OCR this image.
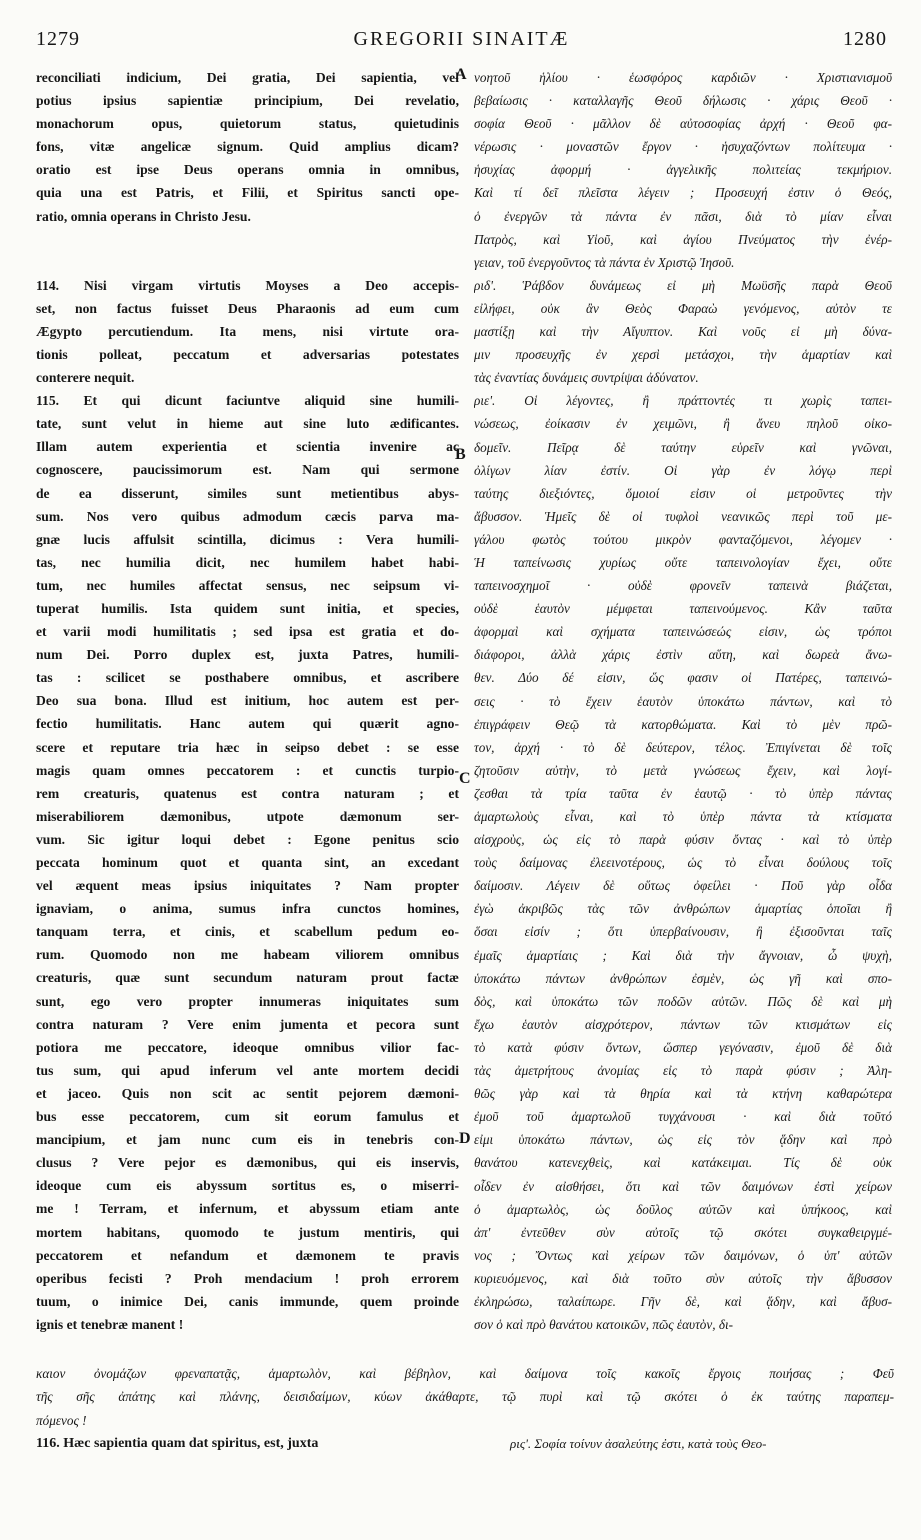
1279	GREGORII SINAITÆ	1280
A
B
C
D
reconciliati indicium, Dei gratia, Dei sapientia, vel
potius ipsius sapientiæ principium, Dei revelatio,
monachorum opus, quietorum status, quietudinis
fons, vitæ angelicæ signum. Quid amplius dicam?
oratio est ipse Deus operans omnia in omnibus,
quia una est Patris, et Filii, et Spiritus sancti ope-
ratio, omnia operans in Christo Jesu.
114. Nisi virgam virtutis Moyses a Deo accepis-
set, non factus fuisset Deus Pharaonis ad eum cum
Ægypto percutiendum. Ita mens, nisi virtute ora-
tionis polleat, peccatum et adversarias potestates
conterere nequit.
115. Et qui dicunt faciuntve aliquid sine humili-
tate, sunt velut in hieme aut sine luto ædificantes.
Illam autem experientia et scientia invenire ac
cognoscere, paucissimorum est. Nam qui sermone
de ea disserunt, similes sunt metientibus abys-
sum. Nos vero quibus admodum cæcis parva ma-
gnæ lucis affulsit scintilla, dicimus : Vera humili-
tas, nec humilia dicit, nec humilem habet habi-
tum, nec humiles affectat sensus, nec seipsum vi-
tuperat humilis. Ista quidem sunt initia, et species,
et varii modi humilitatis ; sed ipsa est gratia et do-
num Dei. Porro duplex est, juxta Patres, humili-
tas : scilicet se posthabere omnibus, et ascribere
Deo sua bona. Illud est initium, hoc autem est per-
fectio humilitatis. Hanc autem qui quærit agno-
scere et reputare tria hæc in seipso debet : se esse
magis quam omnes peccatorem : et cunctis turpio-
rem creaturis, quatenus est contra naturam ; et
miserabiliorem dæmonibus, utpote dæmonum ser-
vum. Sic igitur loqui debet : Egone penitus scio
peccata hominum quot et quanta sint, an excedant
vel æquent meas ipsius iniquitates ? Nam propter
ignaviam, o anima, sumus infra cunctos homines,
tanquam terra, et cinis, et scabellum pedum eo-
rum. Quomodo non me habeam viliorem omnibus
creaturis, quæ sunt secundum naturam prout factæ
sunt, ego vero propter innumeras iniquitates sum
contra naturam ? Vere enim jumenta et pecora sunt
potiora me peccatore, ideoque omnibus vilior fac-
tus sum, qui apud inferum vel ante mortem decidi
et jaceo. Quis non scit ac sentit pejorem dæmoni-
bus esse peccatorem, cum sit eorum famulus et
mancipium, et jam nunc cum eis in tenebris con-
clusus ? Vere pejor es dæmonibus, qui eis inservis,
ideoque cum eis abyssum sortitus es, o miserri-
me ! Terram, et infernum, et abyssum etiam ante
mortem habitans, quomodo te justum mentiris, qui
peccatorem et nefandum et dæmonem te pravis
operibus fecisti ? Proh mendacium ! proh errorem
tuum, o inimice Dei, canis immunde, quem proinde
ignis et tenebræ manent !
νοητοῦ ἡλίου · ἑωσφόρος καρδιῶν · Χριστιανισμοῦ
βεβαίωσις · καταλλαγῆς Θεοῦ δήλωσις · χάρις Θεοῦ ·
σοφία Θεοῦ · μᾶλλον δὲ αὐτοσοφίας ἀρχή · Θεοῦ φα-
νέρωσις · μοναστῶν ἔργον · ἡσυχαζόντων πολίτευμα ·
ἡσυχίας ἀφορμή · ἀγγελικῆς πολιτείας τεκμήριον.
Καὶ τί δεῖ πλεῖστα λέγειν ; Προσευχή ἐστιν ὁ Θεός,
ὁ ἐνεργῶν τὰ πάντα ἐν πᾶσι, διὰ τὸ μίαν εἶναι
Πατρὸς, καὶ Υἱοῦ, καὶ ἁγίου Πνεύματος τὴν ἐνέρ-
γειαν, τοῦ ἐνεργοῦντος τὰ πάντα ἐν Χριστῷ Ἰησοῦ.
ριδ'. Ῥάβδον δυνάμεως εἰ μὴ Μωϋσῆς παρὰ Θεοῦ
εἰλήφει, οὐκ ἂν Θεὸς Φαραὼ γενόμενος, αὐτὸν τε
μαστίξῃ καὶ τὴν Αἴγυπτον. Καὶ νοῦς εἰ μὴ δύνα-
μιν προσευχῆς ἐν χερσὶ μετάσχοι, τὴν ἁμαρτίαν καὶ
τὰς ἐναντίας δυνάμεις συντρίψαι ἀδύνατον.
ριε'. Οἱ λέγοντες, ἢ πράττοντές τι χωρὶς ταπει-
νώσεως, ἐοίκασιν ἐν χειμῶνι, ἢ ἄνευ πηλοῦ οἰκο-
δομεῖν. Πεῖρᾳ δὲ ταύτην εὑρεῖν καὶ γνῶναι,
ὀλίγων λίαν ἐστίν. Οἱ γὰρ ἐν λόγῳ περὶ
ταύτης διεξιόντες, ὅμοιοί εἰσιν οἱ μετροῦντες τὴν
ἄβυσσον. Ἡμεῖς δὲ οἱ τυφλοὶ νεανικῶς περὶ τοῦ με-
γάλου φωτὸς τούτου μικρὸν φανταζόμενοι, λέγομεν ·
Ἡ ταπείνωσις χυρίως οὔτε ταπεινολογίαν ἔχει, οὔτε
ταπεινοσχημοῖ · οὐδὲ φρονεῖν ταπεινὰ βιάζεται,
οὐδὲ ἑαυτὸν μέμφεται ταπεινούμενος. Κἂν ταῦτα
ἀφορμαὶ καὶ σχήματα ταπεινώσεώς εἰσιν, ὡς τρόποι
διάφοροι, ἀλλὰ χάρις ἐστὶν αὕτη, καὶ δωρεὰ ἄνω-
θεν. Δύο δέ εἰσιν, ὥς φασιν οἱ Πατέρες, ταπεινώ-
σεις · τὸ ἔχειν ἑαυτὸν ὑποκάτω πάντων, καὶ τὸ
ἐπιγράφειν Θεῷ τὰ κατορθώματα. Καὶ τὸ μὲν πρῶ-
τον, ἀρχή · τὸ δὲ δεύτερον, τέλος. Ἐπιγίνεται δὲ τοῖς
ζητοῦσιν αὐτὴν, τὸ μετὰ γνώσεως ἔχειν, καὶ λογί-
ζεσθαι τὰ τρία ταῦτα ἐν ἑαυτῷ · τὸ ὑπὲρ πάντας
ἁμαρτωλοὺς εἶναι, καὶ τὸ ὑπὲρ πάντα τὰ κτίσματα
αἰσχροὺς, ὡς εἰς τὸ παρὰ φύσιν ὄντας · καὶ τὸ ὑπὲρ
τοὺς δαίμονας ἐλεεινοτέρους, ὡς τὸ εἶναι δούλους τοῖς
δαίμοσιν. Λέγειν δὲ οὕτως ὀφείλει · Ποῦ γὰρ οἶδα
ἐγὼ ἀκριβῶς τὰς τῶν ἀνθρώπων ἁμαρτίας ὁποῖαι ἢ
ὅσαι εἰσίν ; ὅτι ὑπερβαίνουσιν, ἢ ἐξισοῦνται ταῖς
ἐμαῖς ἁμαρτίαις ; Καὶ διὰ τὴν ἄγνοιαν, ὦ ψυχὴ,
ὑποκάτω πάντων ἀνθρώπων ἐσμὲν, ὡς γῆ καὶ σπο-
δὸς, καὶ ὑποκάτω τῶν ποδῶν αὐτῶν. Πῶς δὲ καὶ μὴ
ἔχω ἑαυτὸν αἰσχρότερον, πάντων τῶν κτισμάτων εἰς
τὸ κατὰ φύσιν ὄντων, ὥσπερ γεγόνασιν, ἐμοῦ δὲ διὰ
τὰς ἀμετρήτους ἀνομίας εἰς τὸ παρὰ φύσιν ; Ἀλη-
θῶς γὰρ καὶ τὰ θηρία καὶ τὰ κτήνη καθαρώτερα
ἐμοῦ τοῦ ἁμαρτωλοῦ τυγχάνουσι · καὶ διὰ τοῦτό
εἰμι ὑποκάτω πάντων, ὡς εἰς τὸν ᾅδην καὶ πρὸ
θανάτου κατενεχθεὶς, καὶ κατάκειμαι. Τίς δὲ οὐκ
οἶδεν ἐν αἰσθήσει, ὅτι καὶ τῶν δαιμόνων ἐστὶ χείρων
ὁ ἁμαρτωλὸς, ὡς δοῦλος αὐτῶν καὶ ὑπήκοος, καὶ
ἀπ' ἐντεῦθεν σὺν αὐτοῖς τῷ σκότει συγκαθειργμέ-
νος ; Ὄντως καὶ χείρων τῶν δαιμόνων, ὁ ὑπ' αὐτῶν
κυριευόμενος, καὶ διὰ τοῦτο σὺν αὐτοῖς τὴν ἄβυσσον
ἐκληρώσω, ταλαίπωρε. Γῆν δὲ, καὶ ᾅδην, καὶ ἄβυσ-
σον ὁ καὶ πρὸ θανάτου κατοικῶν, πῶς ἑαυτὸν, δι-
καιον ὀνομάζων φρεναπατᾷς, ἁμαρτωλὸν, καὶ βέβηλον, καὶ δαίμονα τοῖς κακοῖς ἔργοις ποιήσας ; Φεῦ
τῆς σῆς ἀπάτης καὶ πλάνης, δεισιδαίμων, κύων ἀκάθαρτε, τῷ πυρὶ καὶ τῷ σκότει ὁ ἐκ ταύτης παραπεμ-
πόμενος !
116. Hæc sapientia quam dat spiritus, est, juxta	ρις'. Σοφία τοίνυν ἀσαλεύτης ἐστι, κατὰ τοὺς Θεο-
